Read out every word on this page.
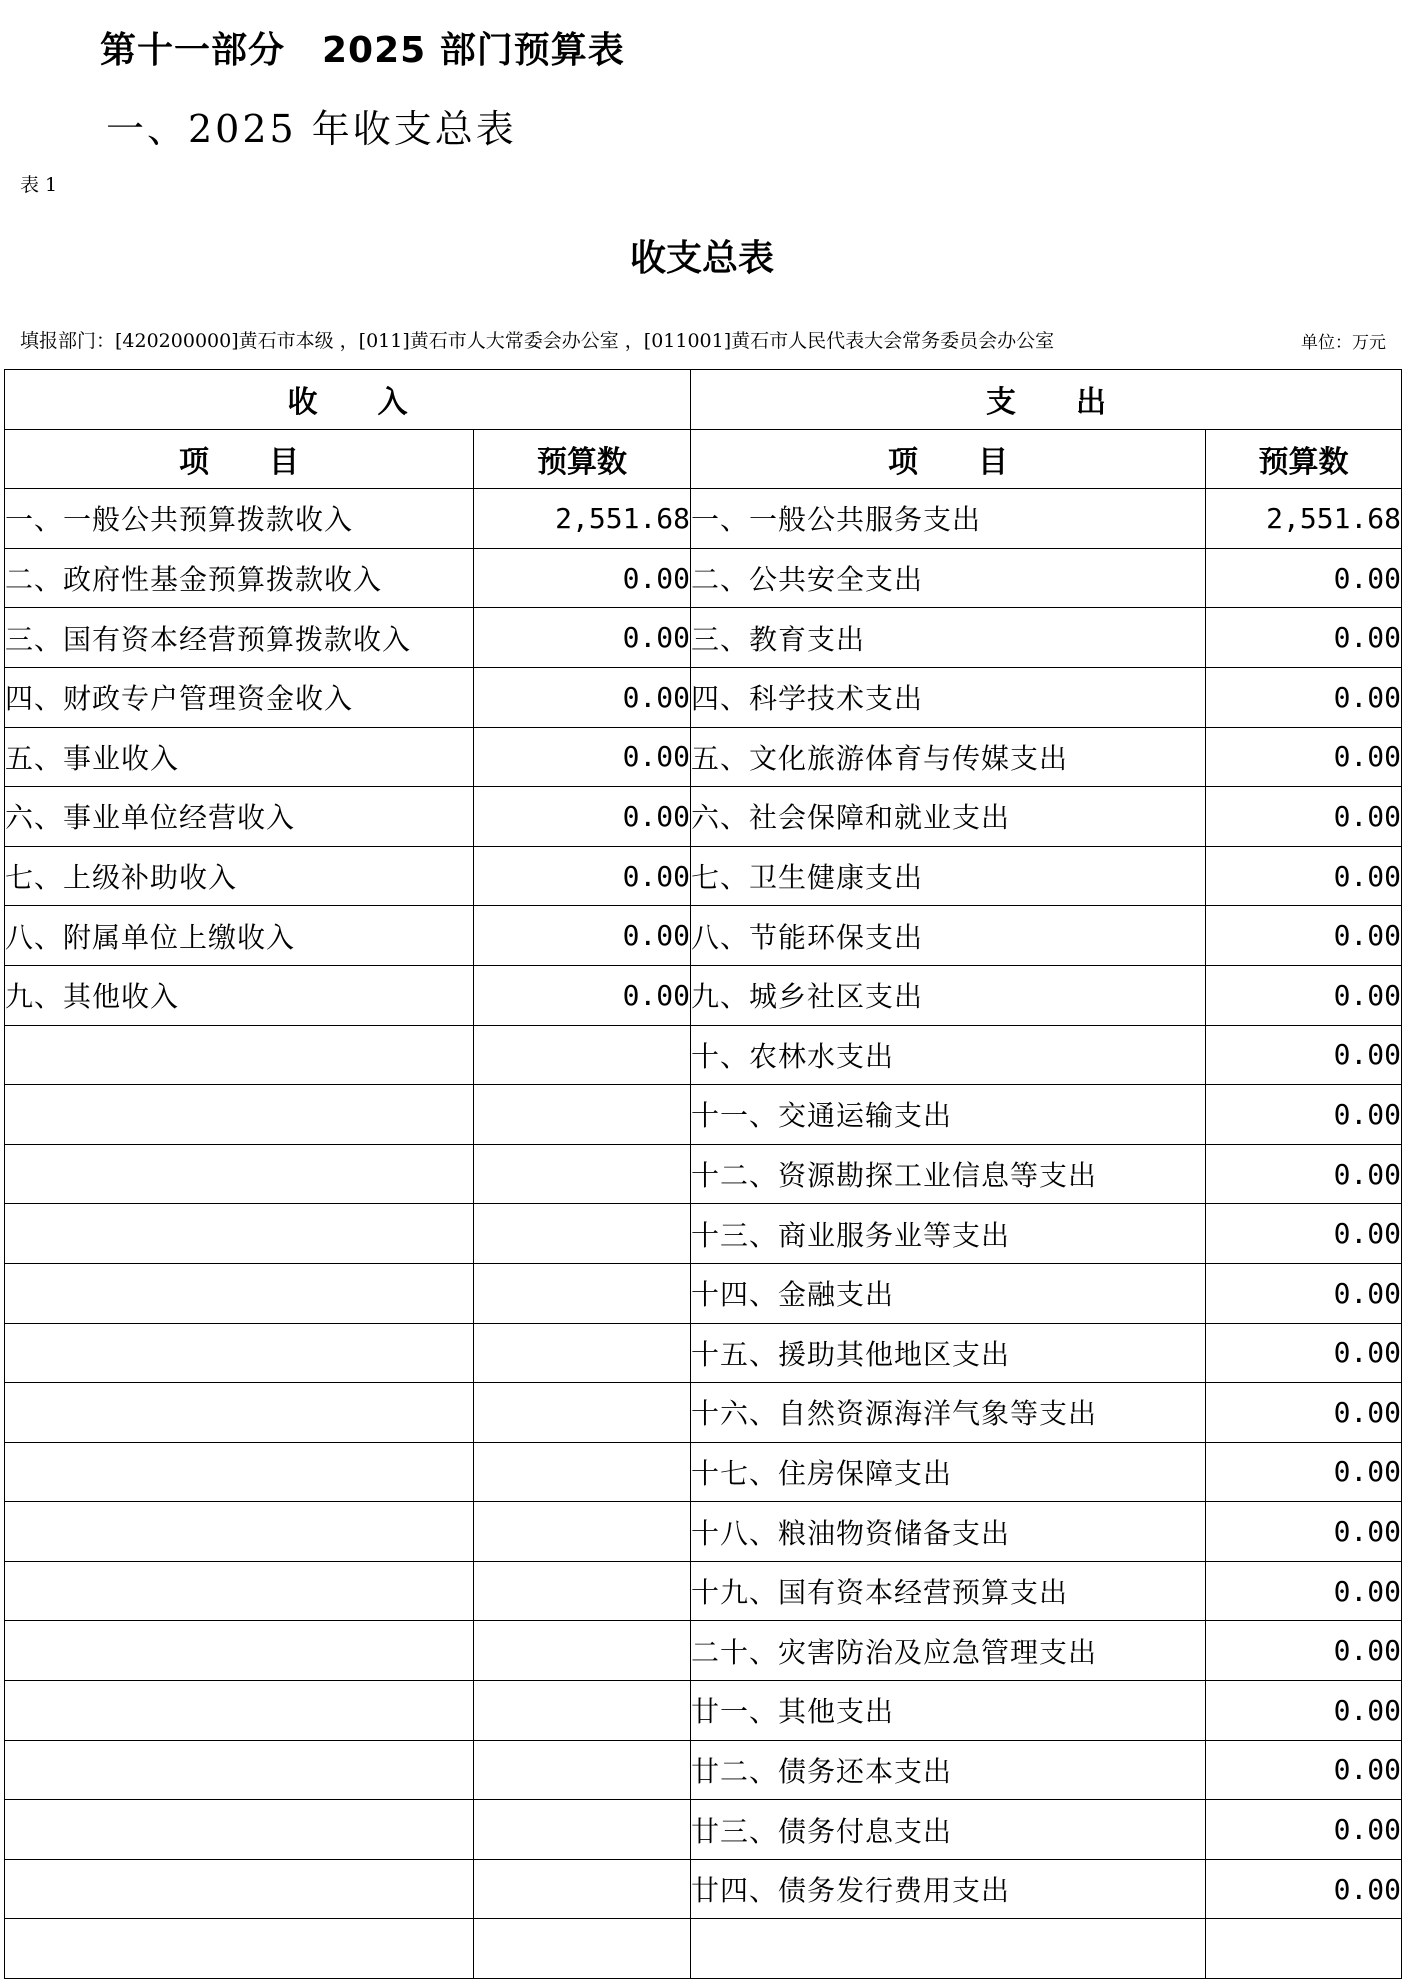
第十一部分　2025 部门预算表
一、2025 年收支总表
表 1
收支总表
填报部门：[420200000]黄石市本级 ，[011]黄石市人大常委会办公室 ，[011001]黄石市人民代表大会常务委员会办公室	单位：万元
收　　入		支　　出	
项　　目	预算数	项　　目	预算数
一、一般公共预算拨款收入	2,551.68	一、一般公共服务支出	2,551.68
二、政府性基金预算拨款收入	0.00	二、公共安全支出	0.00
三、国有资本经营预算拨款收入	0.00	三、教育支出	0.00
四、财政专户管理资金收入	0.00	四、科学技术支出	0.00
五、事业收入	0.00	五、文化旅游体育与传媒支出	0.00
六、事业单位经营收入	0.00	六、社会保障和就业支出	0.00
七、上级补助收入	0.00	七、卫生健康支出	0.00
八、附属单位上缴收入	0.00	八、节能环保支出	0.00
九、其他收入	0.00	九、城乡社区支出	0.00
		十、农林水支出	0.00
		十一、交通运输支出	0.00
		十二、资源勘探工业信息等支出	0.00
		十三、商业服务业等支出	0.00
		十四、金融支出	0.00
		十五、援助其他地区支出	0.00
		十六、自然资源海洋气象等支出	0.00
		十七、住房保障支出	0.00
		十八、粮油物资储备支出	0.00
		十九、国有资本经营预算支出	0.00
		二十、灾害防治及应急管理支出	0.00
		廿一、其他支出	0.00
		廿二、债务还本支出	0.00
		廿三、债务付息支出	0.00
		廿四、债务发行费用支出	0.00
